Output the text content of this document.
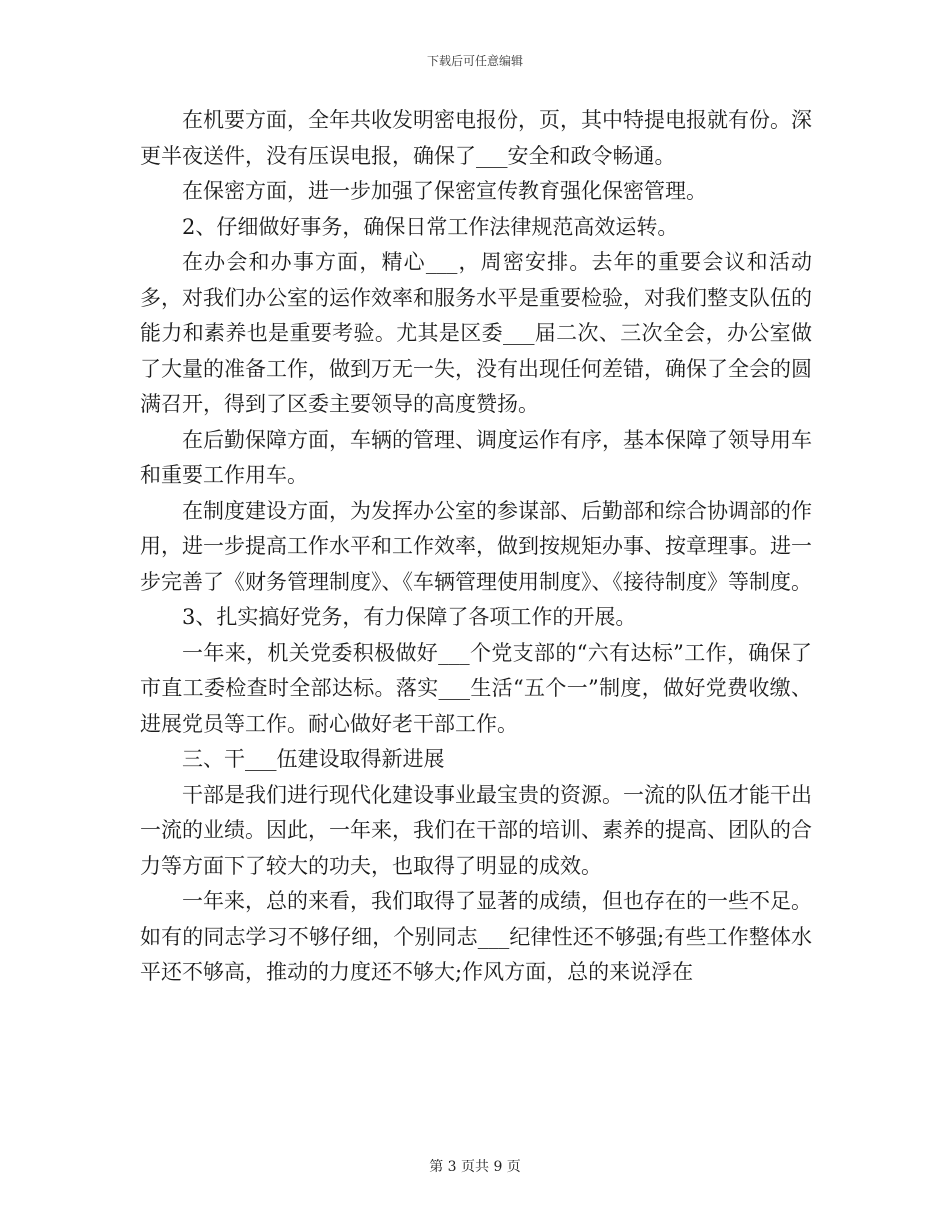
下载后可任意编辑

在机要方面，全年共收发明密电报份，页，其中特提电报就有份。深更半夜送件，没有压误电报，确保了___安全和政令畅通。

在保密方面，进一步加强了保密宣传教育强化保密管理。

2、仔细做好事务，确保日常工作法律规范高效运转。

在办会和办事方面，精心___，周密安排。去年的重要会议和活动多，对我们办公室的运作效率和服务水平是重要检验，对我们整支队伍的能力和素养也是重要考验。尤其是区委___届二次、三次全会，办公室做了大量的准备工作，做到万无一失，没有出现任何差错，确保了全会的圆满召开，得到了区委主要领导的高度赞扬。

在后勤保障方面，车辆的管理、调度运作有序，基本保障了领导用车和重要工作用车。

在制度建设方面，为发挥办公室的参谋部、后勤部和综合协调部的作用，进一步提高工作水平和工作效率，做到按规矩办事、按章理事。进一步完善了《财务管理制度》、《车辆管理使用制度》、《接待制度》等制度。

3、扎实搞好党务，有力保障了各项工作的开展。

一年来，机关党委积极做好___个党支部的“六有达标”工作，确保了市直工委检查时全部达标。落实___生活“五个一”制度，做好党费收缴、进展党员等工作。耐心做好老干部工作。

三、干___伍建设取得新进展

干部是我们进行现代化建设事业最宝贵的资源。一流的队伍才能干出一流的业绩。因此，一年来，我们在干部的培训、素养的提高、团队的合力等方面下了较大的功夫，也取得了明显的成效。

一年来，总的来看，我们取得了显著的成绩，但也存在的一些不足。如有的同志学习不够仔细，个别同志___纪律性还不够强;有些工作整体水平还不够高，推动的力度还不够大;作风方面，总的来说浮在

第 3 页共 9 页
